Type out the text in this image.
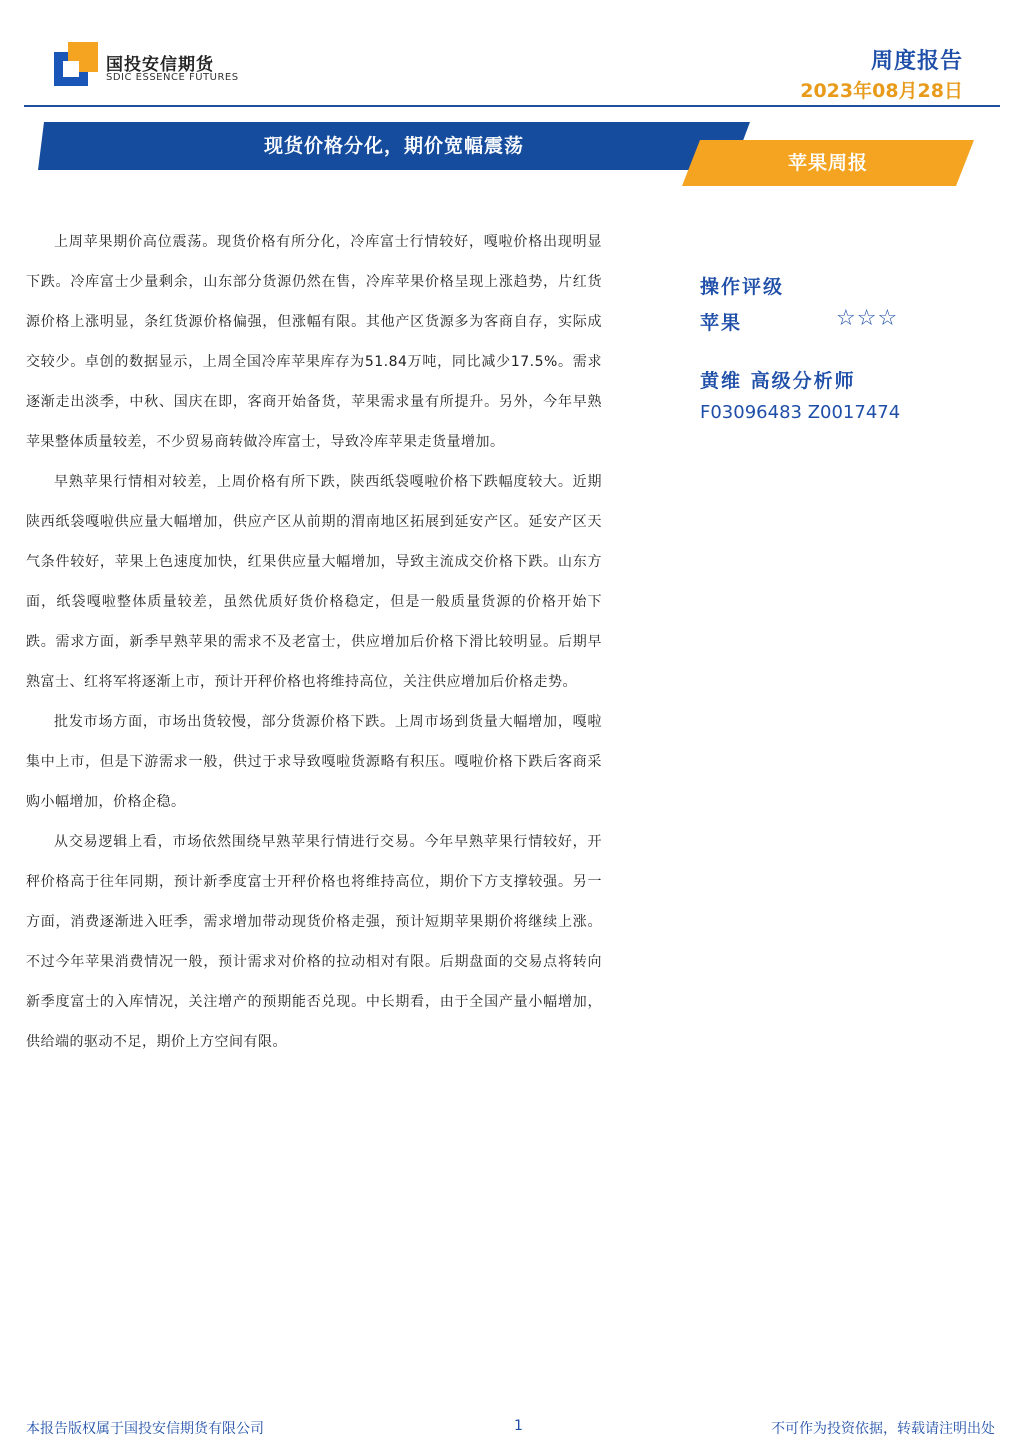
国投安信期货
SDIC ESSENCE FUTURES
周度报告
2023年08月28日
现货价格分化，期价宽幅震荡
苹果周报

上周苹果期价高位震荡。现货价格有所分化，冷库富士行情较好，嘎啦价格出现明显下跌。冷库富士少量剩余，山东部分货源仍然在售，冷库苹果价格呈现上涨趋势，片红货源价格上涨明显，条红货源价格偏强，但涨幅有限。其他产区货源多为客商自存，实际成交较少。卓创的数据显示，上周全国冷库苹果库存为51.84万吨，同比减少17.5%。需求逐渐走出淡季，中秋、国庆在即，客商开始备货，苹果需求量有所提升。另外，今年早熟苹果整体质量较差，不少贸易商转做冷库富士，导致冷库苹果走货量增加。

早熟苹果行情相对较差，上周价格有所下跌，陕西纸袋嘎啦价格下跌幅度较大。近期陕西纸袋嘎啦供应量大幅增加，供应产区从前期的渭南地区拓展到延安产区。延安产区天气条件较好，苹果上色速度加快，红果供应量大幅增加，导致主流成交价格下跌。山东方面，纸袋嘎啦整体质量较差，虽然优质好货价格稳定，但是一般质量货源的价格开始下跌。需求方面，新季早熟苹果的需求不及老富士，供应增加后价格下滑比较明显。后期早熟富士、红将军将逐渐上市，预计开秤价格也将维持高位，关注供应增加后价格走势。

批发市场方面，市场出货较慢，部分货源价格下跌。上周市场到货量大幅增加，嘎啦集中上市，但是下游需求一般，供过于求导致嘎啦货源略有积压。嘎啦价格下跌后客商采购小幅增加，价格企稳。

从交易逻辑上看，市场依然围绕早熟苹果行情进行交易。今年早熟苹果行情较好，开秤价格高于往年同期，预计新季度富士开秤价格也将维持高位，期价下方支撑较强。另一方面，消费逐渐进入旺季，需求增加带动现货价格走强，预计短期苹果期价将继续上涨。不过今年苹果消费情况一般，预计需求对价格的拉动相对有限。后期盘面的交易点将转向新季度富士的入库情况，关注增产的预期能否兑现。中长期看，由于全国产量小幅增加，供给端的驱动不足，期价上方空间有限。

操作评级
苹果	☆☆☆
黄维 高级分析师
F03096483 Z0017474
本报告版权属于国投安信期货有限公司	1	不可作为投资依据，转载请注明出处
